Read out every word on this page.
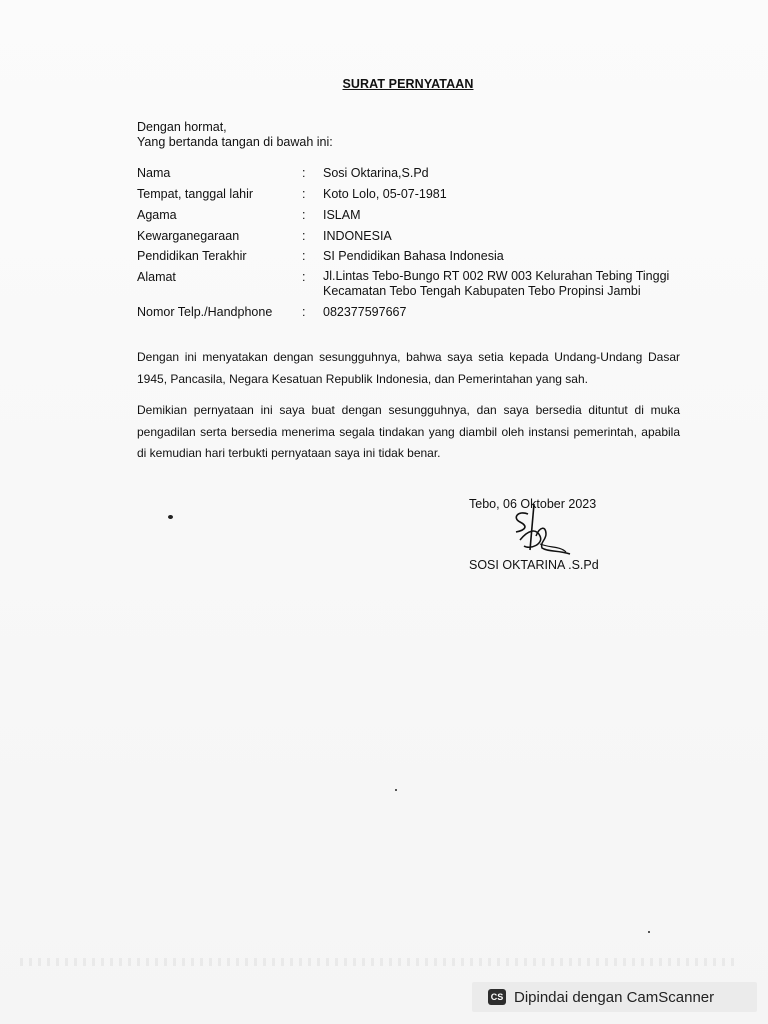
SURAT PERNYATAAN
Dengan hormat,
Yang bertanda tangan di bawah ini:
Nama	: Sosi Oktarina,S.Pd
Tempat, tanggal lahir	: Koto Lolo, 05-07-1981
Agama	: ISLAM
Kewarganegaraan	: INDONESIA
Pendidikan Terakhir	: SI Pendidikan Bahasa Indonesia
Alamat	: Jl.Lintas Tebo-Bungo RT 002 RW 003 Kelurahan Tebing Tinggi
Kecamatan Tebo Tengah Kabupaten Tebo Propinsi Jambi
Nomor Telp./Handphone : 082377597667
Dengan ini menyatakan dengan sesungguhnya, bahwa saya setia kepada Undang-Undang Dasar 1945, Pancasila, Negara Kesatuan Republik Indonesia, dan Pemerintahan yang sah.
Demikian pernyataan ini saya buat dengan sesungguhnya, dan saya bersedia dituntut di muka pengadilan serta bersedia menerima segala tindakan yang diambil oleh instansi pemerintah, apabila di kemudian hari terbukti pernyataan saya ini tidak benar.
Tebo, 06 Oktober 2023
SOSI OKTARINA .S.Pd
CS Dipindai dengan CamScanner
